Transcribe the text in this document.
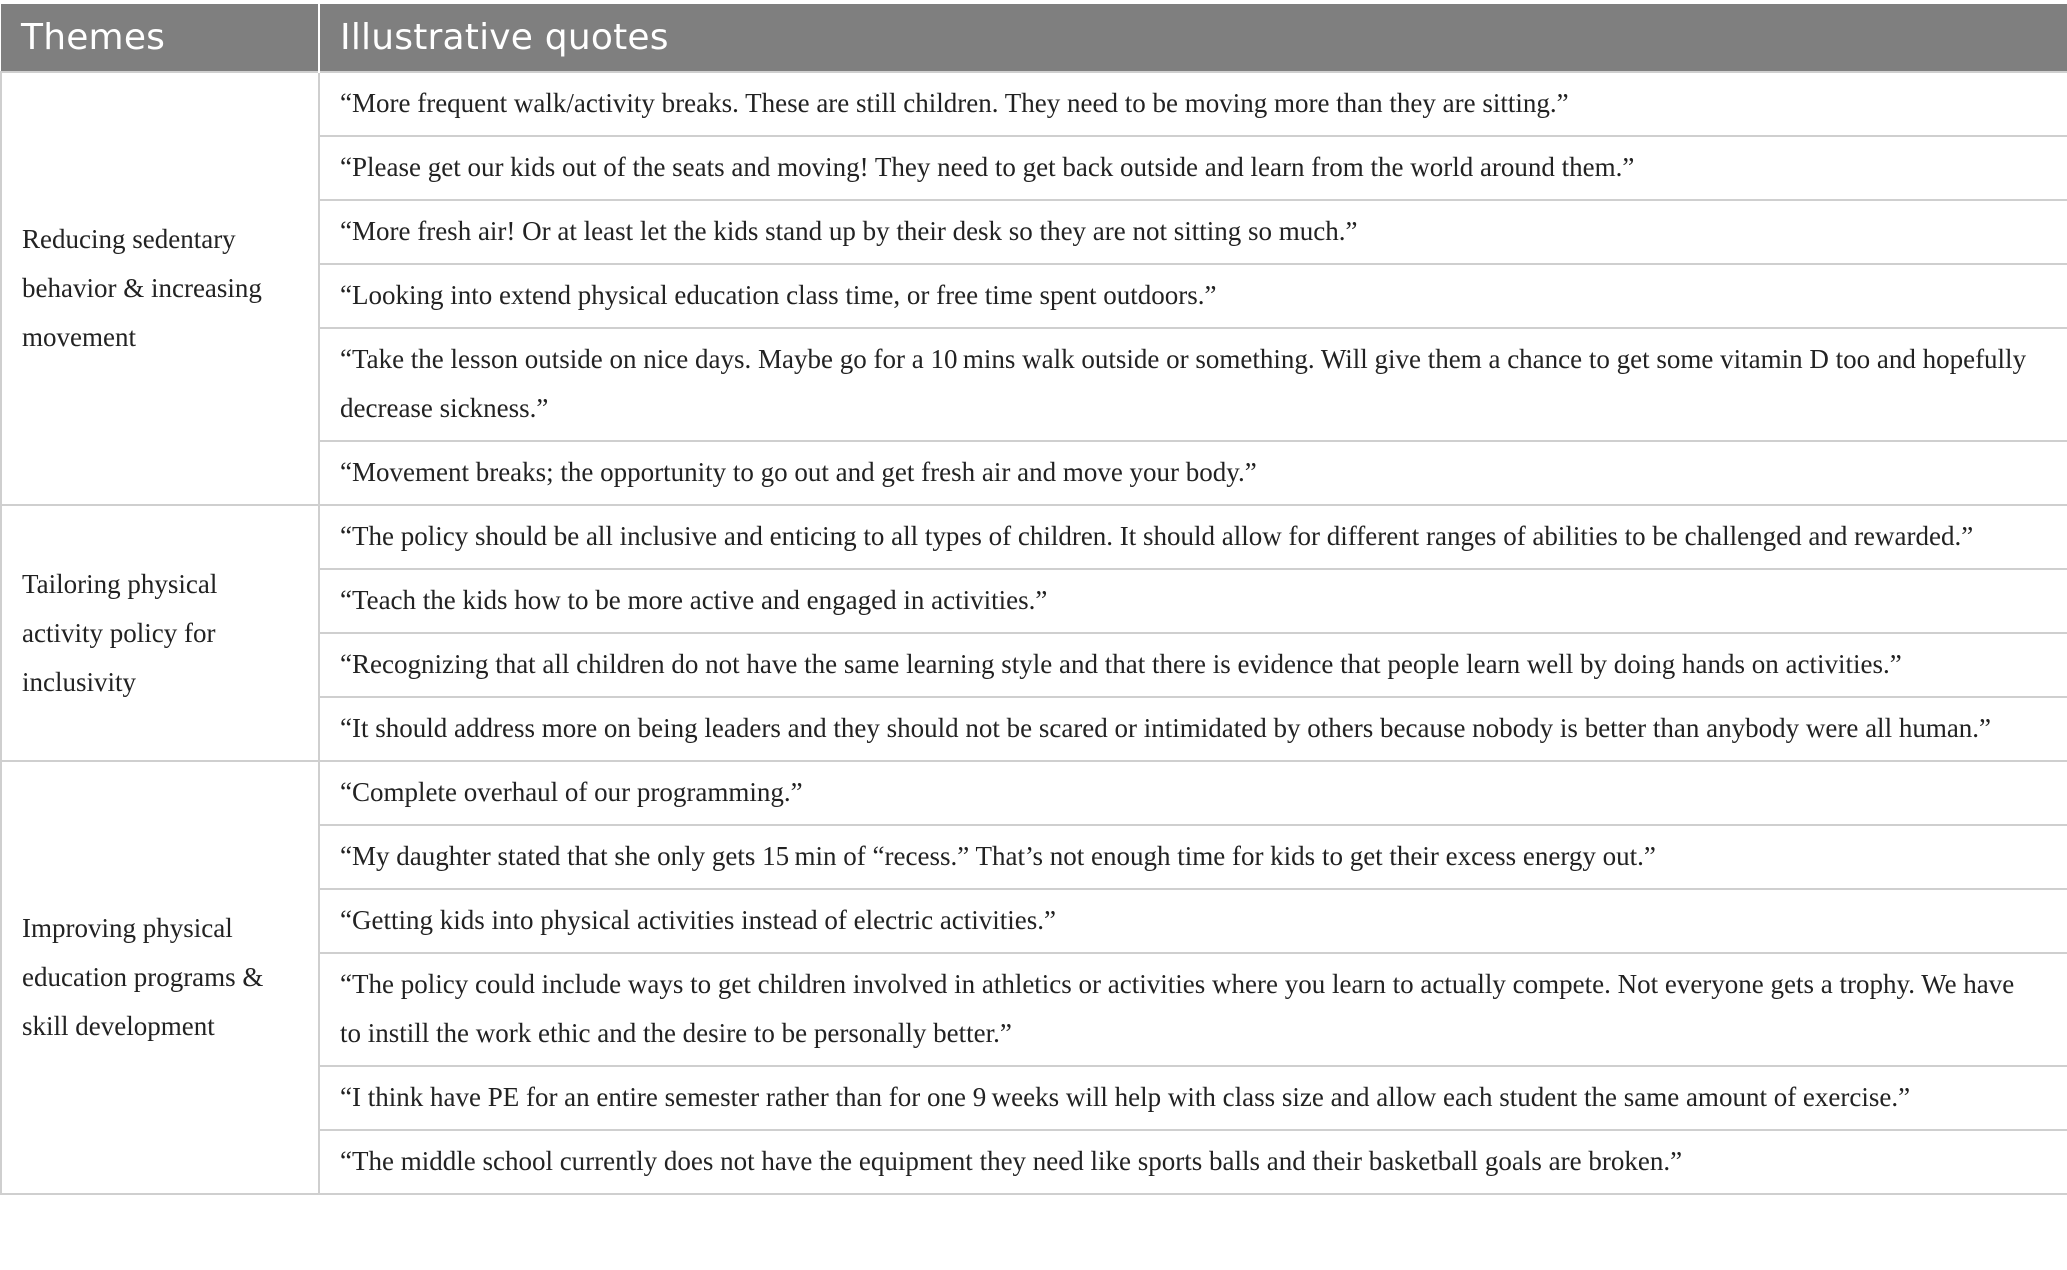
Themes	Illustrative quotes
Reducing sedentary behavior & increasing movement	“More frequent walk/activity breaks. These are still children. They need to be moving more than they are sitting.”
	“Please get our kids out of the seats and moving! They need to get back outside and learn from the world around them.”
	“More fresh air! Or at least let the kids stand up by their desk so they are not sitting so much.”
	“Looking into extend physical education class time, or free time spent outdoors.”
	“Take the lesson outside on nice days. Maybe go for a 10 mins walk outside or something. Will give them a chance to get some vitamin D too and hopefully decrease sickness.”
	“Movement breaks; the opportunity to go out and get fresh air and move your body.”
Tailoring physical activity policy for inclusivity	“The policy should be all inclusive and enticing to all types of children. It should allow for different ranges of abilities to be challenged and rewarded.”
	“Teach the kids how to be more active and engaged in activities.”
	“Recognizing that all children do not have the same learning style and that there is evidence that people learn well by doing hands on activities.”
	“It should address more on being leaders and they should not be scared or intimidated by others because nobody is better than anybody were all human.”
Improving physical education programs & skill development	“Complete overhaul of our programming.”
	“My daughter stated that she only gets 15 min of “recess.” That’s not enough time for kids to get their excess energy out.”
	“Getting kids into physical activities instead of electric activities.”
	“The policy could include ways to get children involved in athletics or activities where you learn to actually compete. Not everyone gets a trophy. We have to instill the work ethic and the desire to be personally better.”
	“I think have PE for an entire semester rather than for one 9 weeks will help with class size and allow each student the same amount of exercise.”
	“The middle school currently does not have the equipment they need like sports balls and their basketball goals are broken.”
